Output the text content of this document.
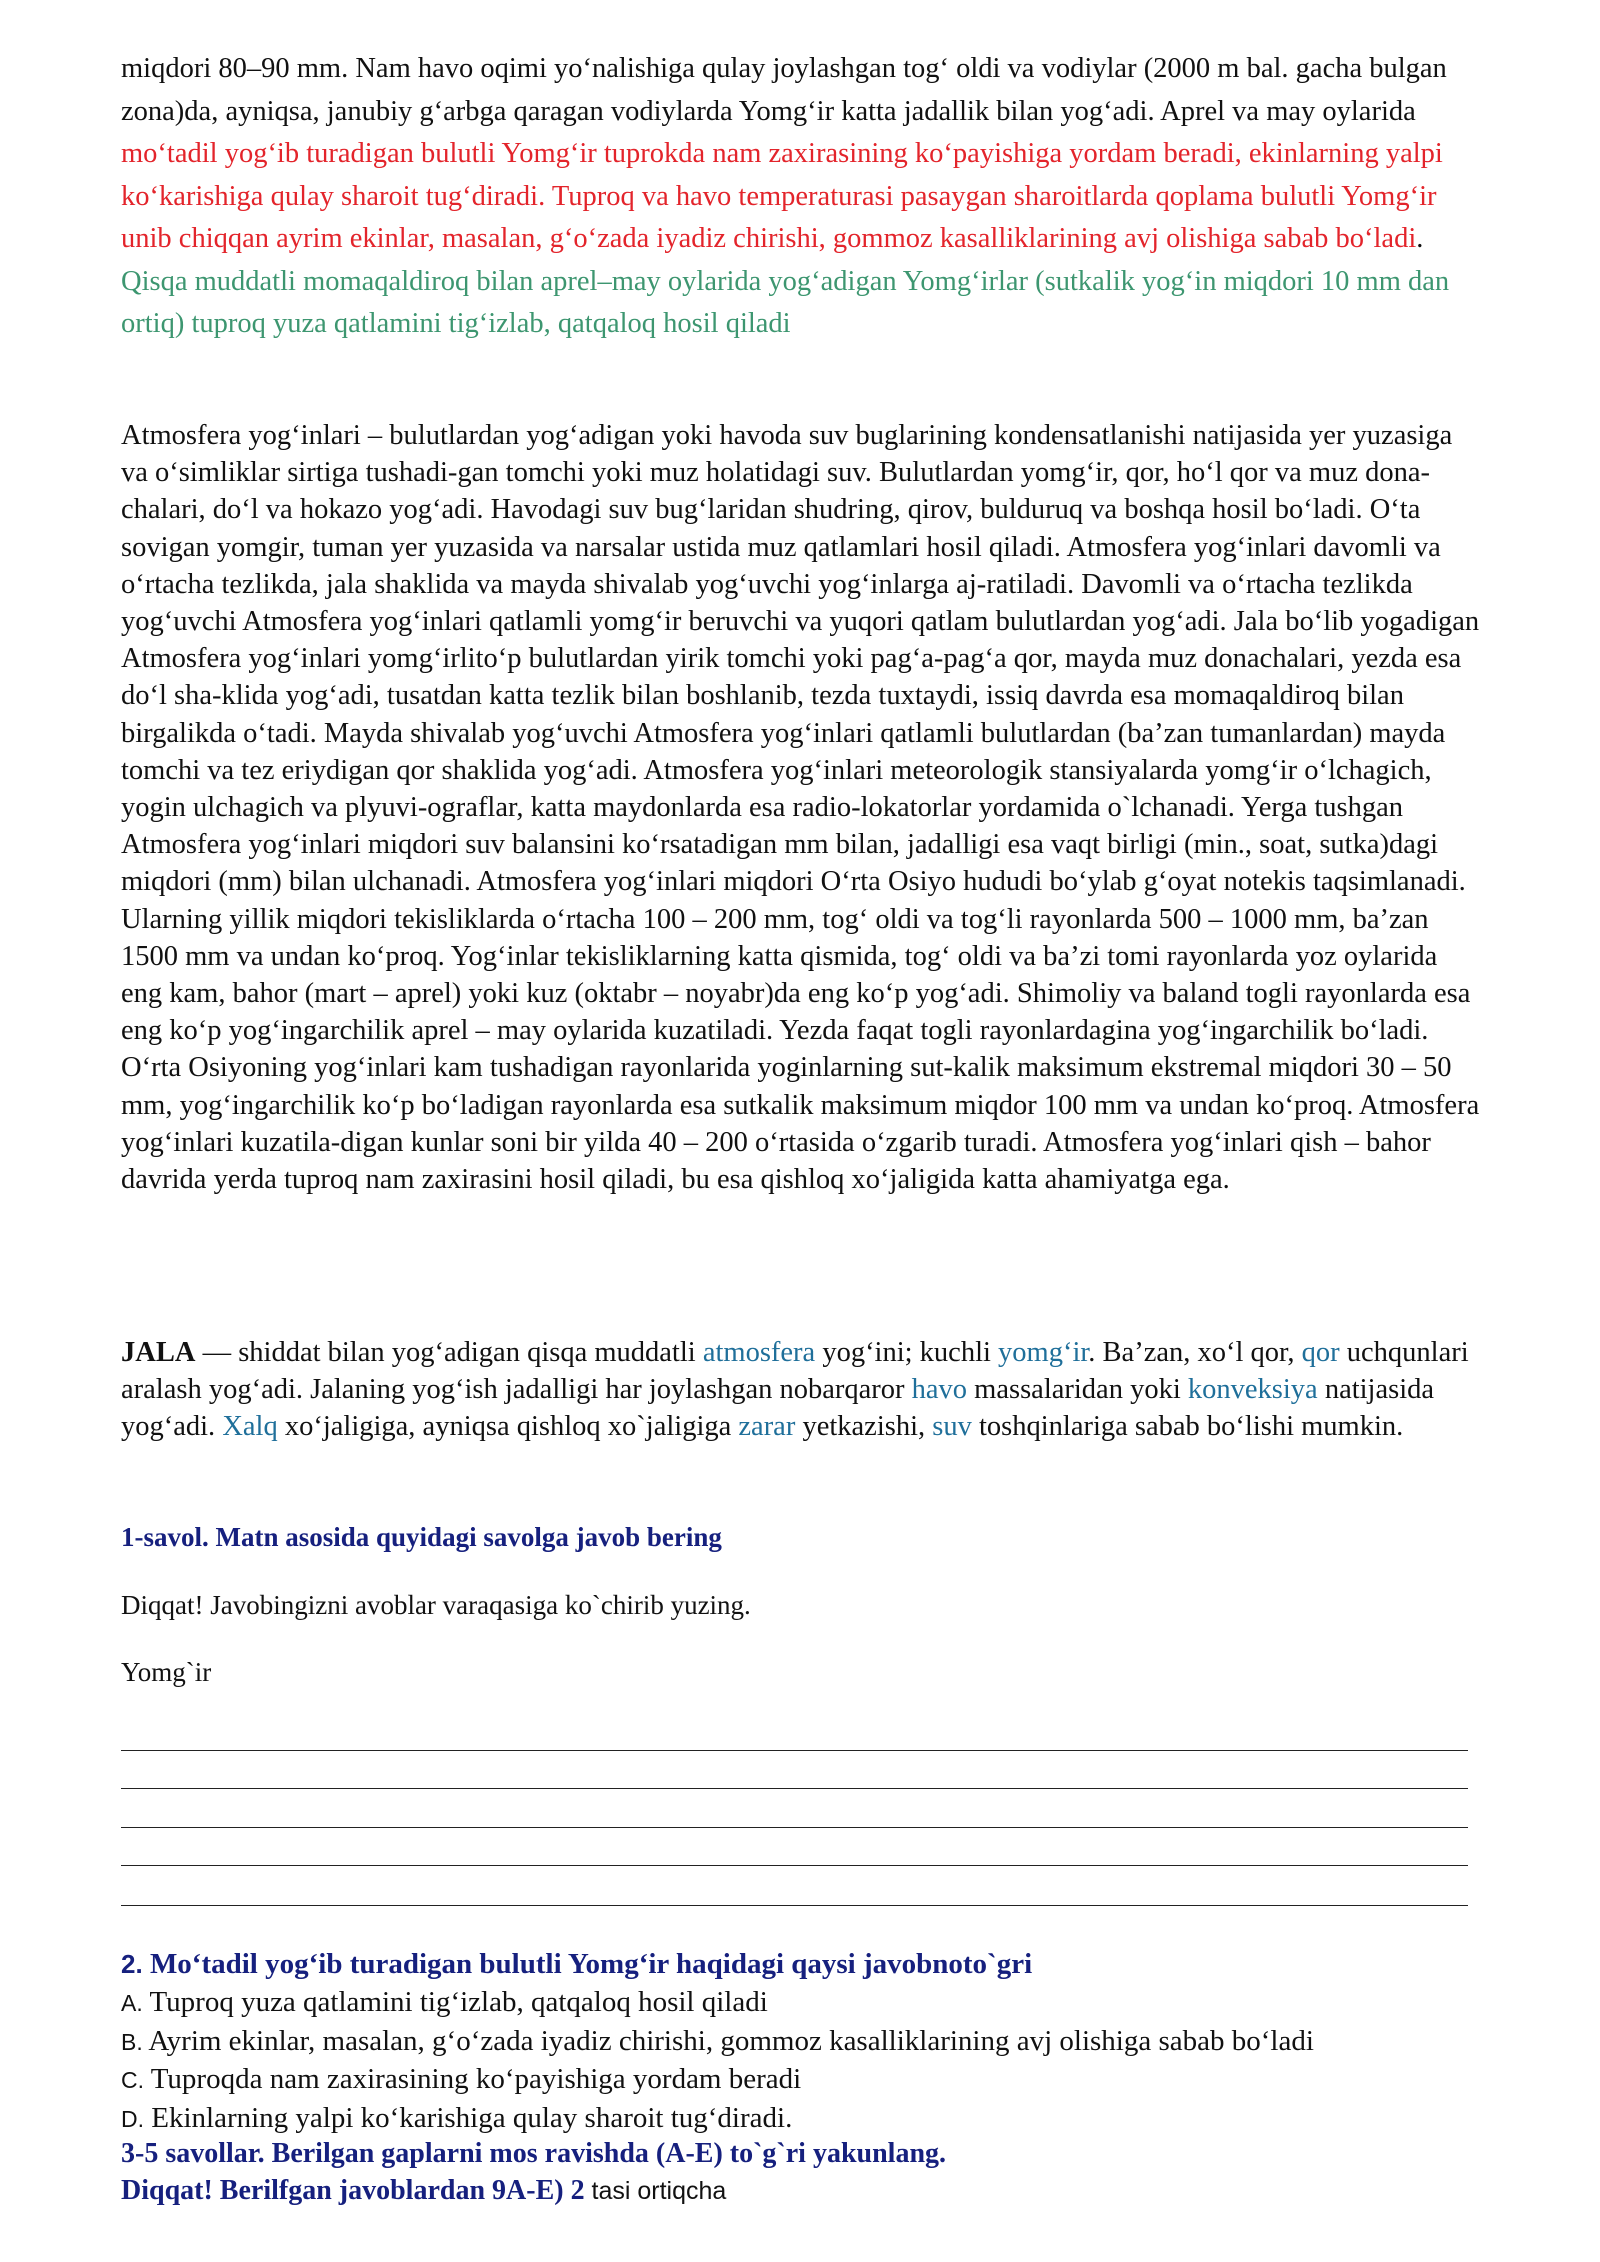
miqdori 80–90 mm. Nam havo oqimi yo‘nalishiga qulay joylashgan tog‘ oldi va vodiylar (2000 m bal. gacha bulgan zona)da, ayniqsa, janubiy g‘arbga qaragan vodiylarda Yomg‘ir katta jadallik bilan yog‘adi. Aprel va may oylarida mo‘tadil yog‘ib turadigan bulutli Yomg‘ir tuprokda nam zaxirasining ko‘payishiga yordam beradi, ekinlarning yalpi ko‘karishiga qulay sharoit tug‘diradi. Tuproq va havo temperaturasi pasaygan sharoitlarda qoplama bulutli Yomg‘ir unib chiqqan ayrim ekinlar, masalan, g‘o‘zada iyadiz chirishi, gommoz kasalliklarining avj olishiga sabab bo‘ladi. Qisqa muddatli momaqaldiroq bilan aprel–may oylarida yog‘adigan Yomg‘irlar (sutkalik yog‘in miqdori 10 mm dan ortiq) tuproq yuza qatlamini tig‘izlab, qatqaloq hosil qiladi

Atmosfera yog‘inlari – bulutlardan yog‘adigan yoki havoda suv buglarining kondensatlanishi natijasida yer yuzasiga va o‘simliklar sirtiga tushadi-gan tomchi yoki muz holatidagi suv. Bulutlardan yomg‘ir, qor, ho‘l qor va muz dona-chalari, do‘l va hokazo yog‘adi. Havodagi suv bug‘laridan shudring, qirov, bulduruq va boshqa hosil bo‘ladi. O‘ta sovigan yomgir, tuman yer yuzasida va narsalar ustida muz qatlamlari hosil qiladi. Atmosfera yog‘inlari davomli va o‘rtacha tezlikda, jala shaklida va mayda shivalab yog‘uvchi yog‘inlarga aj-ratiladi. Davomli va o‘rtacha tezlikda yog‘uvchi Atmosfera yog‘inlari qatlamli yomg‘ir beruvchi va yuqori qatlam bulutlardan yog‘adi. Jala bo‘lib yogadigan Atmosfera yog‘inlari yomg‘irlito‘p bulutlardan yirik tomchi yoki pag‘a-pag‘a qor, mayda muz donachalari, yezda esa do‘l sha-klida yog‘adi, tusatdan katta tezlik bilan boshlanib, tezda tuxtaydi, issiq davrda esa momaqaldiroq bilan birgalikda o‘tadi. Mayda shivalab yog‘uvchi Atmosfera yog‘inlari qatlamli bulutlardan (ba’zan tumanlardan) mayda tomchi va tez eriydigan qor shaklida yog‘adi. Atmosfera yog‘inlari meteorologik stansiyalarda yomg‘ir o‘lchagich, yogin ulchagich va plyuvi-ograflar, katta maydonlarda esa radio-lokatorlar yordamida o`lchanadi. Yerga tushgan Atmosfera yog‘inlari miqdori suv balansini ko‘rsatadigan mm bilan, jadalligi esa vaqt birligi (min., soat, sutka)dagi miqdori (mm) bilan ulchanadi. Atmosfera yog‘inlari miqdori O‘rta Osiyo hududi bo‘ylab g‘oyat notekis taqsimlanadi. Ularning yillik miqdori tekisliklarda o‘rtacha 100 – 200 mm, tog‘ oldi va tog‘li rayonlarda 500 – 1000 mm, ba’zan 1500 mm va undan ko‘proq. Yog‘inlar tekisliklarning katta qismida, tog‘ oldi va ba’zi tomi rayonlarda yoz oylarida eng kam, bahor (mart – aprel) yoki kuz (oktabr – noyabr)da eng ko‘p yog‘adi. Shimoliy va baland togli rayonlarda esa eng ko‘p yog‘ingarchilik aprel – may oylarida kuzatiladi. Yezda faqat togli rayonlardagina yog‘ingarchilik bo‘ladi. O‘rta Osiyoning yog‘inlari kam tushadigan rayonlarida yoginlarning sut-kalik maksimum ekstremal miqdori 30 – 50 mm, yog‘ingarchilik ko‘p bo‘ladigan rayonlarda esa sutkalik maksimum miqdor 100 mm va undan ko‘proq. Atmosfera yog‘inlari kuzatila-digan kunlar soni bir yilda 40 – 200 o‘rtasida o‘zgarib turadi. Atmosfera yog‘inlari qish – bahor davrida yerda tuproq nam zaxirasini hosil qiladi, bu esa qishloq xo‘jaligida katta ahamiyatga ega.

JALA — shiddat bilan yog‘adigan qisqa muddatli atmosfera yog‘ini; kuchli yomg‘ir. Ba’zan, xo‘l qor, qor uchqunlari aralash yog‘adi. Jalaning yog‘ish jadalligi har joylashgan nobarqaror havo massalaridan yoki konveksiya natijasida yog‘adi. Xalq xo‘jaligiga, ayniqsa qishloq xo`jaligiga zarar yetkazishi, suv toshqinlariga sabab bo‘lishi mumkin.

1-savol. Matn asosida quyidagi savolga javob bering

Diqqat! Javobingizni avoblar varaqasiga ko`chirib yuzing.

Yomg`ir

2. Mo‘tadil yog‘ib turadigan bulutli Yomg‘ir haqidagi qaysi javobnoto`gri

A. Tuproq yuza qatlamini tig‘izlab, qatqaloq hosil qiladi

B. Ayrim ekinlar, masalan, g‘o‘zada iyadiz chirishi, gommoz kasalliklarining avj olishiga sabab bo‘ladi

C. Tuproqda nam zaxirasining ko‘payishiga yordam beradi

D. Ekinlarning yalpi ko‘karishiga qulay sharoit tug‘diradi.

3-5 savollar. Berilgan gaplarni mos ravishda (A-E) to`g`ri yakunlang.

Diqqat! Berilfgan javoblardan 9A-E) 2 tasi ortiqcha
